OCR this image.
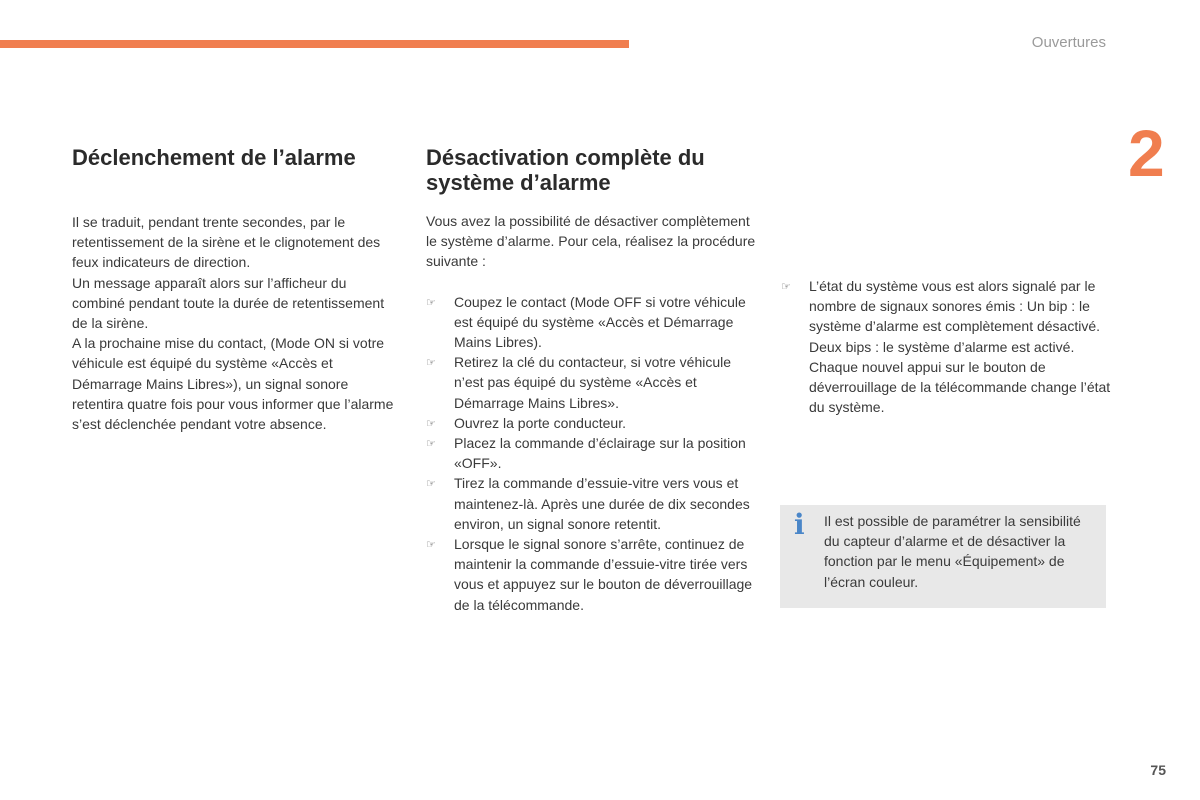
Ouvertures
2
Déclenchement de l’alarme

Il se traduit, pendant trente secondes, par le retentissement de la sirène et le clignotement des feux indicateurs de direction.
Un message apparaît alors sur l’afficheur du combiné pendant toute la durée de retentissement de la sirène.
A la prochaine mise du contact, (Mode ON si votre véhicule est équipé du système «Accès et Démarrage Mains Libres»), un signal sonore retentira quatre fois pour vous informer que l’alarme s’est déclenchée pendant votre absence.

Désactivation complète du système d’alarme

Vous avez la possibilité de désactiver complètement le système d’alarme. Pour cela, réalisez la procédure suivante :

☞ Coupez le contact (Mode OFF si votre véhicule est équipé du système «Accès et Démarrage Mains Libres).
☞ Retirez la clé du contacteur, si votre véhicule n’est pas équipé du système «Accès et Démarrage Mains Libres».
☞ Ouvrez la porte conducteur.
☞ Placez la commande d’éclairage sur la position «OFF».
☞ Tirez la commande d’essuie-vitre vers vous et maintenez-là. Après une durée de dix secondes environ, un signal sonore retentit.
☞ Lorsque le signal sonore s’arrête, continuez de maintenir la commande d’essuie-vitre tirée vers vous et appuyez sur le bouton de déverrouillage de la télécommande.
☞ L’état du système vous est alors signalé par le nombre de signaux sonores émis : Un bip : le système d’alarme est complètement désactivé. Deux bips : le système d’alarme est activé. Chaque nouvel appui sur le bouton de déverrouillage de la télécommande change l’état du système.
i Il est possible de paramétrer la sensibilité du capteur d’alarme et de désactiver la fonction par le menu «Équipement» de l’écran couleur.
75
